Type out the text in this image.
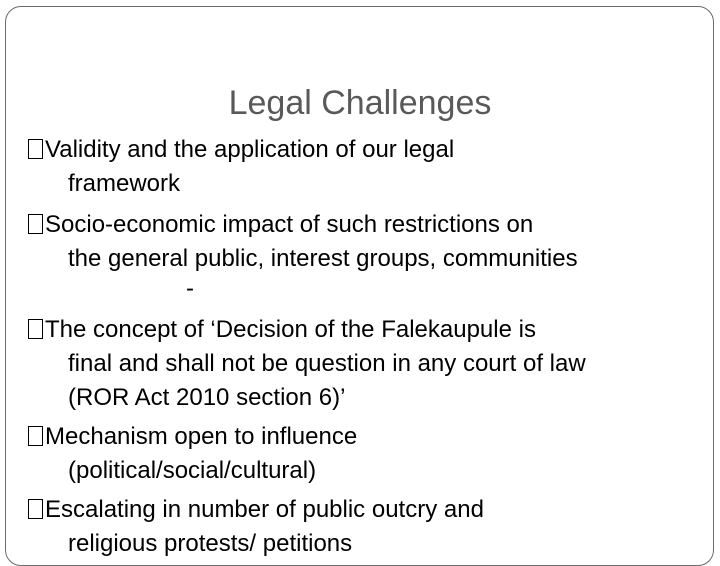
Legal Challenges
Validity and the application of our legal
framework
Socio-economic impact of such restrictions on
the general public, interest groups, communities
-
The concept of ‘Decision of the Falekaupule is
final and shall not be question in any court of law
(ROR Act 2010 section 6)’
Mechanism open to influence
(political/social/cultural)
Escalating in number of public outcry and
religious protests/ petitions
